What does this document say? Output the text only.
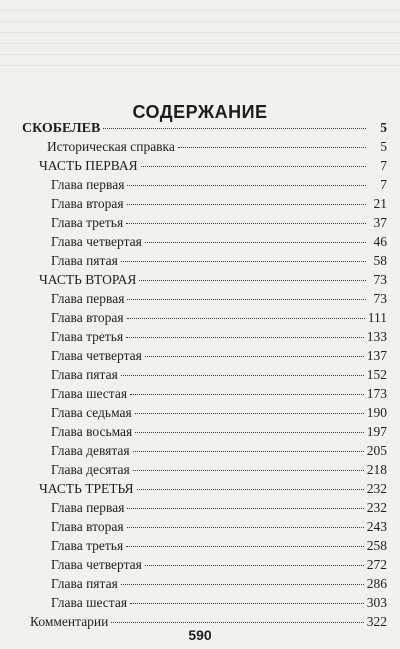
СОДЕРЖАНИЕ
СКОБЕЛЕВ	5
Историческая справка	5
ЧАСТЬ ПЕРВАЯ	7
Глава первая	7
Глава вторая	21
Глава третья	37
Глава четвертая	46
Глава пятая	58
ЧАСТЬ ВТОРАЯ	73
Глава первая	73
Глава вторая	111
Глава третья	133
Глава четвертая	137
Глава пятая	152
Глава шестая	173
Глава седьмая	190
Глава восьмая	197
Глава девятая	205
Глава десятая	218
ЧАСТЬ ТРЕТЬЯ	232
Глава первая	232
Глава вторая	243
Глава третья	258
Глава четвертая	272
Глава пятая	286
Глава шестая	303
Комментарии	322
590
